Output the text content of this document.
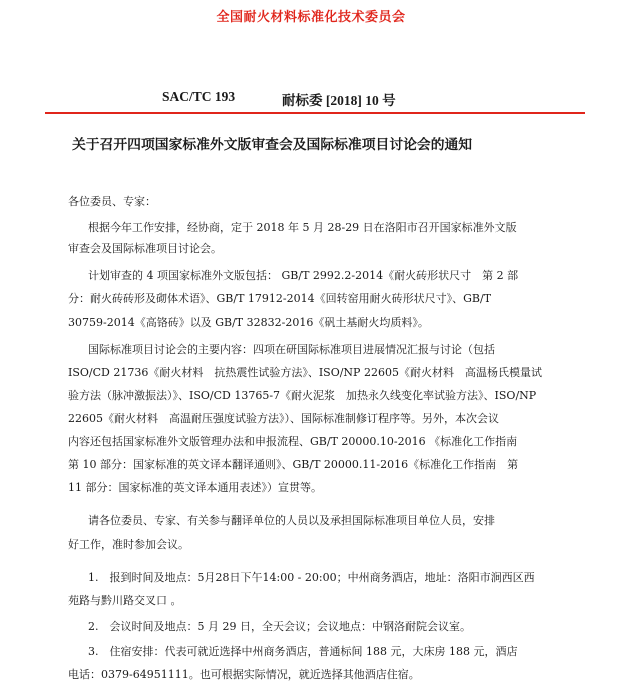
全国耐火材料标准化技术委员会
SAC/TC 193	耐标委 [2018] 10 号
关于召开四项国家标准外文版审查会及国际标准项目讨论会的通知
各位委员、专家：
根据今年工作安排，经协商，定于 2018 年 5 月 28-29 日在洛阳市召开国家标准外文版
审查会及国际标准项目讨论会。
计划审查的 4 项国家标准外文版包括： GB/T 2992.2-2014《耐火砖形状尺寸　第 2 部
分：耐火砖砖形及砌体术语》、GB/T 17912-2014《回转窑用耐火砖形状尺寸》、GB/T
30759-2014《高铬砖》以及 GB/T 32832-2016《矾土基耐火均质料》。
国际标准项目讨论会的主要内容：四项在研国际标准项目进展情况汇报与讨论（包括
ISO/CD 21736《耐火材料　抗热震性试验方法》、ISO/NP 22605《耐火材料　高温杨氏模量试
验方法（脉冲激振法）》、ISO/CD 13765-7《耐火泥浆　加热永久线变化率试验方法》、ISO/NP
22605《耐火材料　高温耐压强度试验方法》）、国际标准制修订程序等。另外，本次会议
内容还包括国家标准外文版管理办法和申报流程、GB/T 20000.10-2016 《标准化工作指南
第 10 部分：国家标准的英文译本翻译通则》、GB/T 20000.11-2016《标准化工作指南　第
11 部分：国家标准的英文译本通用表述》）宣贯等。
请各位委员、专家、有关参与翻译单位的人员以及承担国际标准项目单位人员，安排
好工作，准时参加会议。
1.　报到时间及地点：5月28日下午14:00 - 20:00；中州商务酒店，地址：洛阳市涧西区西
苑路与黔川路交叉口 。
2.　会议时间及地点：5 月 29 日，全天会议；会议地点：中钢洛耐院会议室。
3.　住宿安排：代表可就近选择中州商务酒店，普通标间 188 元，大床房 188 元，酒店
电话：0379-64951111。也可根据实际情况，就近选择其他酒店住宿。
